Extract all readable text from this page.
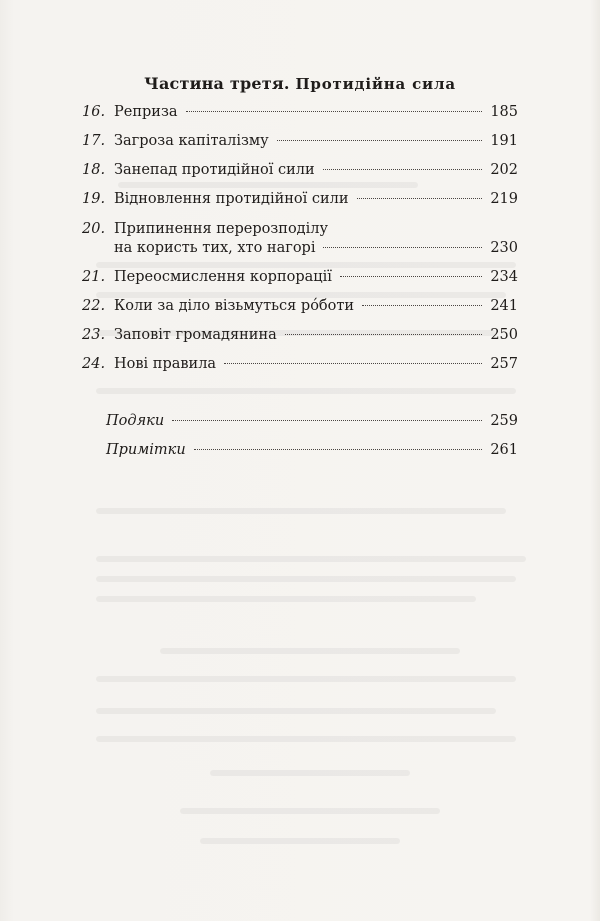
Частина третя. Протидійна сила
16. Реприза	185
17. Загроза капіталізму	191
18. Занепад протидійної сили	202
19. Відновлення протидійної сили	219
20. Припинення перерозподілу
на користь тих, хто нагорі	230
21. Переосмислення корпорації	234
22. Коли за діло візьмуться рóботи	241
23. Заповіт громадянина	250
24. Нові правила	257
Подяки	259
Примітки	261
